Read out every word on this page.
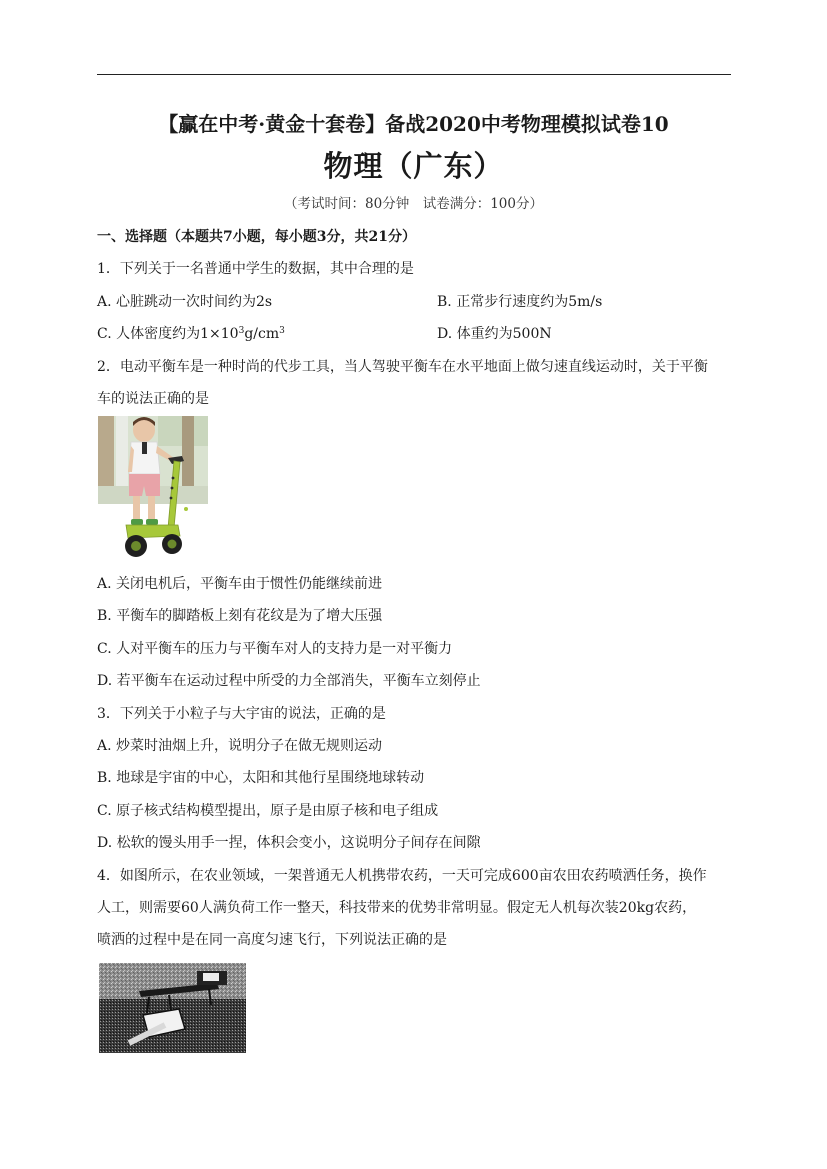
【赢在中考·黄金十套卷】备战2020中考物理模拟试卷10
物理（广东）
（考试时间：80分钟　试卷满分：100分）
一、选择题（本题共7小题，每小题3分，共21分）
1．下列关于一名普通中学生的数据，其中合理的是
A. 心脏跳动一次时间约为2s	B. 正常步行速度约为5m/s
C. 人体密度约为$1\times 10^3g/cm^3$	D. 体重约为500N
2．电动平衡车是一种时尚的代步工具，当人驾驶平衡车在水平地面上做匀速直线运动时，关于平衡
车的说法正确的是
A. 关闭电机后，平衡车由于惯性仍能继续前进
B. 平衡车的脚踏板上刻有花纹是为了增大压强
C. 人对平衡车的压力与平衡车对人的支持力是一对平衡力
D. 若平衡车在运动过程中所受的力全部消失，平衡车立刻停止
3．下列关于小粒子与大宇宙的说法，正确的是
A. 炒菜时油烟上升，说明分子在做无规则运动
B. 地球是宇宙的中心，太阳和其他行星围绕地球转动
C. 原子核式结构模型提出，原子是由原子核和电子组成
D. 松软的馒头用手一捏，体积会变小，这说明分子间存在间隙
4．如图所示，在农业领域，一架普通无人机携带农药，一天可完成600亩农田农药喷洒任务，换作
人工，则需要60人满负荷工作一整天，科技带来的优势非常明显。假定无人机每次装20kg农药，
喷洒的过程中是在同一高度匀速飞行，下列说法正确的是
